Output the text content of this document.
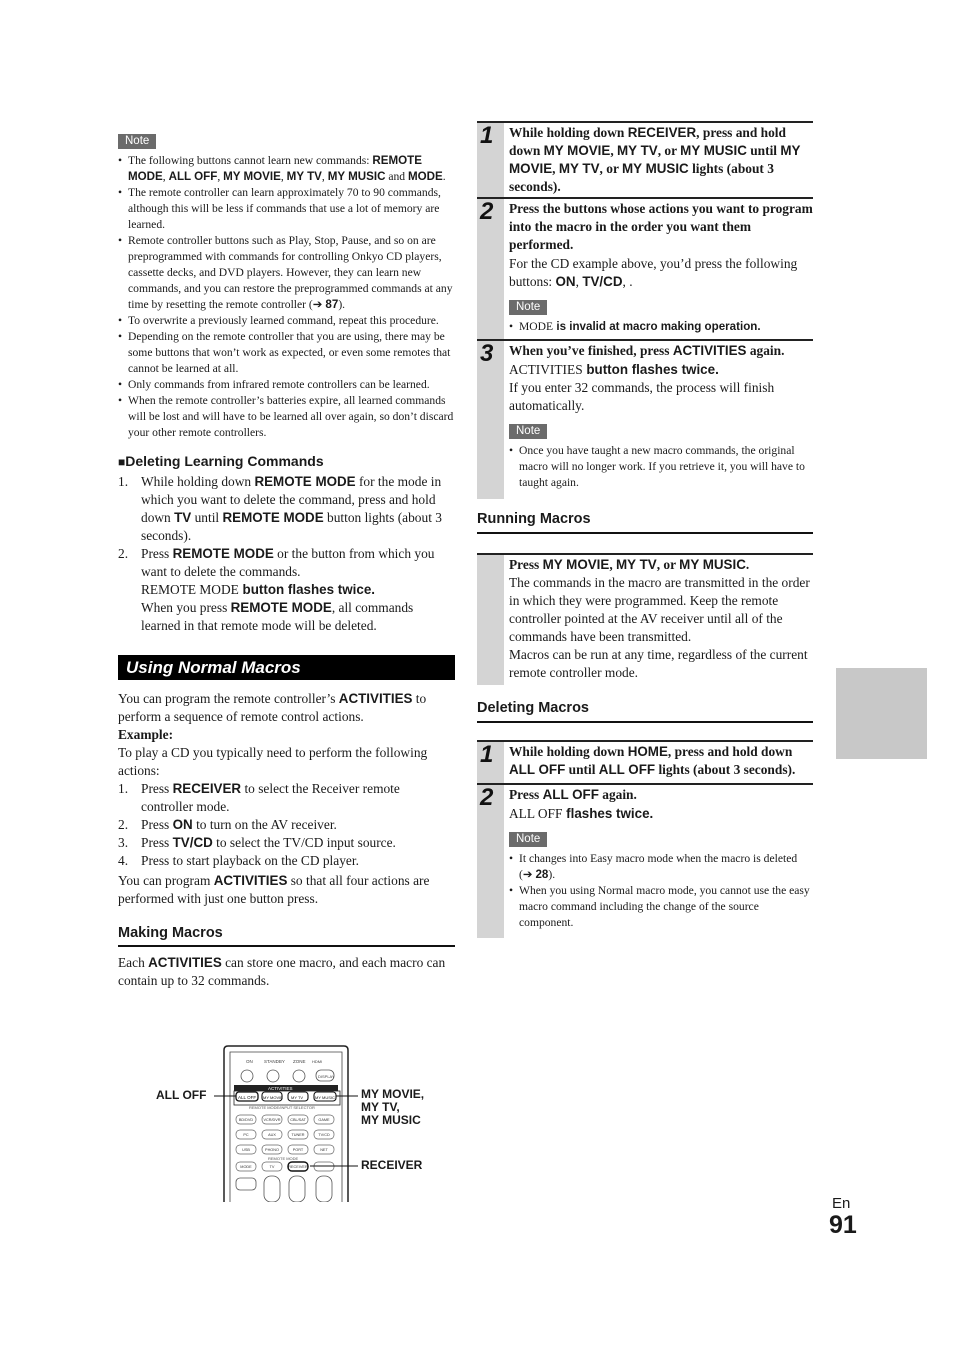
Note
• The following buttons cannot learn new commands: REMOTE MODE, ALL OFF, MY MOVIE, MY TV, MY MUSIC and MODE.
• The remote controller can learn approximately 70 to 90 commands, although this will be less if commands that use a lot of memory are learned.
• Remote controller buttons such as Play, Stop, Pause, and so on are preprogrammed with commands for controlling Onkyo CD players, cassette decks, and DVD players. However, they can learn new commands, and you can restore the preprogrammed commands at any time by resetting the remote controller (➔ 87).
• To overwrite a previously learned command, repeat this procedure.
• Depending on the remote controller that you are using, there may be some buttons that won’t work as expected, or even some remotes that cannot be learned at all.
• Only commands from infrared remote controllers can be learned.
• When the remote controller’s batteries expire, all learned commands will be lost and will have to be learned all over again, so don’t discard your other remote controllers.
■Deleting Learning Commands
1. While holding down REMOTE MODE for the mode in which you want to delete the command, press and hold down TV until REMOTE MODE button lights (about 3 seconds).
2. Press REMOTE MODE or the button from which you want to delete the commands.
REMOTE MODE button flashes twice.
When you press REMOTE MODE, all commands learned in that remote mode will be deleted.
Using Normal Macros
You can program the remote controller’s ACTIVITIES to perform a sequence of remote control actions.
Example:
To play a CD you typically need to perform the following actions:
1. Press RECEIVER to select the Receiver remote controller mode.
2. Press ON to turn on the AV receiver.
3. Press TV/CD to select the TV/CD input source.
4. Press to start playback on the CD player.
You can program ACTIVITIES so that all four actions are performed with just one button press.
Making Macros
Each ACTIVITIES can store one macro, and each macro can contain up to 32 commands.
ON	STANDBY ZONE HDMI
DISPLAY
ACTIVITIES
ALL OFF MY MOVIE MY TV	MY MUSIC
REMOTE MODE/INPUT SELECTOR
BD/DVD	VCR/DVR	CBL/SAT	GAME
PC	AUX	TUNER	TV/CD
USB	PHONO	PORT	NET
MODE	TV	RECEIVER
REMOTE MODE
ALL OFF	MY MOVIE,
MY TV,
MY MUSIC
RECEIVER
1 While holding down RECEIVER, press and hold down MY MOVIE, MY TV, or MY MUSIC until MY MOVIE, MY TV, or MY MUSIC lights (about 3 seconds).
2 Press the buttons whose actions you want to program into the macro in the order you want them performed.
For the CD example above, you’d press the following buttons: ON, TV/CD, .
Note
• MODE is invalid at macro making operation.
3 When you’ve finished, press ACTIVITIES again.
ACTIVITIES button flashes twice.
If you enter 32 commands, the process will finish automatically.
Note
• Once you have taught a new macro commands, the original macro will no longer work. If you retrieve it, you will have to taught again.
Running Macros
Press MY MOVIE, MY TV, or MY MUSIC.
The commands in the macro are transmitted in the order in which they were programmed. Keep the remote controller pointed at the AV receiver until all of the commands have been transmitted.
Macros can be run at any time, regardless of the current remote controller mode.
Deleting Macros
1 While holding down HOME, press and hold down ALL OFF until ALL OFF lights (about 3 seconds).
2 Press ALL OFF again.
ALL OFF flashes twice.
Note
• It changes into Easy macro mode when the macro is deleted (➔ 28).
• When you using Normal macro mode, you cannot use the easy macro command including the change of the source component.
En
91
